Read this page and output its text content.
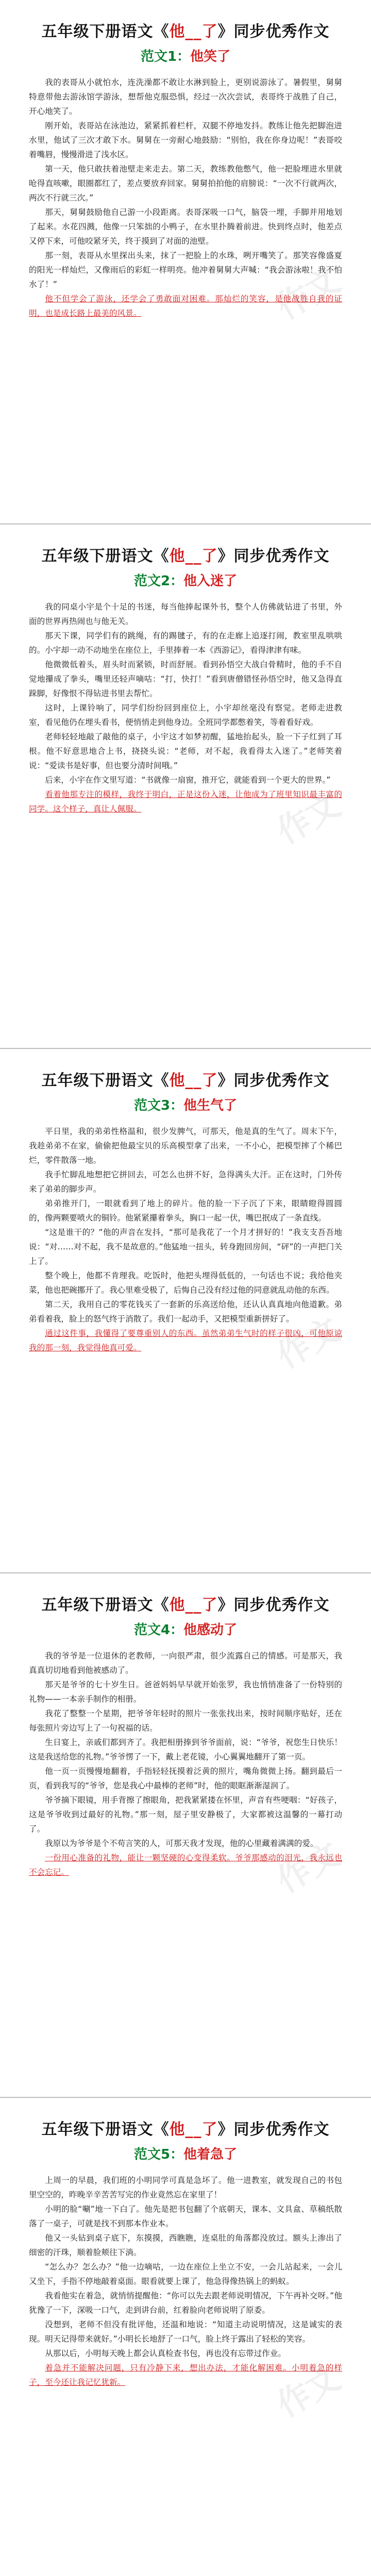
五年级下册语文《他__了》同步优秀作文
范文1：他笑了

我的表哥从小就怕水，连洗澡都不敢让水淋到脸上，更别说游泳了。暑假里，舅舅特意带他去游泳馆学游泳，想帮他克服恐惧，经过一次次尝试，表哥终于战胜了自己，开心地笑了。

刚开始，表哥站在泳池边，紧紧抓着栏杆，双腿不停地发抖。教练让他先把脚泡进水里，他试了三次才敢下水。舅舅在一旁耐心地鼓励：“别怕，我在你身边呢！”表哥咬着嘴唇，慢慢滑进了浅水区。

第一天，他只敢扶着池壁走来走去。第二天，教练教他憋气，他一把脸埋进水里就呛得直咳嗽，眼圈都红了，差点要放弃回家。舅舅拍拍他的肩膀说：“一次不行就两次，两次不行就三次。”

那天，舅舅鼓励他自己游一小段距离。表哥深吸一口气，脑袋一埋，手脚并用地划了起来。水花四溅，他像一只笨拙的小鸭子，在水里扑腾着前进。快到终点时，他差点又停下来，可他咬紧牙关，终于摸到了对面的池壁。

那一刻，表哥从水里探出头来，抹了一把脸上的水珠，咧开嘴笑了。那笑容像盛夏的阳光一样灿烂，又像雨后的彩虹一样明亮。他冲着舅舅大声喊：“我会游泳啦！我不怕水了！”

他不但学会了游泳，还学会了勇敢面对困难。那灿烂的笑容，是他战胜自我的证明，也是成长路上最美的风景。	作文
五年级下册语文《他__了》同步优秀作文
范文2：他入迷了

我的同桌小宇是个十足的书迷，每当他捧起课外书，整个人仿佛就钻进了书里，外面的世界再热闹也与他无关。

那天下课，同学们有的跳绳，有的踢毽子，有的在走廊上追逐打闹，教室里乱哄哄的。小宇却一动不动地坐在座位上，手里捧着一本《西游记》，看得津津有味。

他微微低着头，眉头时而紧锁，时而舒展。看到孙悟空大战白骨精时，他的手不自觉地攥成了拳头，嘴里还轻声嘀咕：“打，快打！”看到唐僧错怪孙悟空时，他又急得直跺脚，好像恨不得钻进书里去帮忙。

这时，上课铃响了，同学们纷纷回到座位上，小宇却丝毫没有察觉。老师走进教室，看见他仍在埋头看书，便悄悄走到他身边。全班同学都憋着笑，等着看好戏。

老师轻轻地敲了敲他的桌子，小宇这才如梦初醒，猛地抬起头，脸一下子红到了耳根。他不好意思地合上书，挠挠头说：“老师，对不起，我看得太入迷了。”老师笑着说：“爱读书是好事，但也要分清时间哦。”

后来，小宇在作文里写道：“书就像一扇窗，推开它，就能看到一个更大的世界。”

看着他那专注的模样，我终于明白，正是这份入迷，让他成为了班里知识最丰富的同学。这个样子，真让人佩服。	作文
五年级下册语文《他__了》同步优秀作文
范文3：他生气了

平日里，我的弟弟性格温和，很少发脾气，可那天，他是真的生气了。周末下午，我趁弟弟不在家，偷偷把他最宝贝的乐高模型拿了出来，一不小心，把模型摔了个稀巴烂，零件散落一地。

我手忙脚乱地想把它拼回去，可怎么也拼不好，急得满头大汗。正在这时，门外传来了弟弟的脚步声。

弟弟推开门，一眼就看到了地上的碎片。他的脸一下子沉了下来，眼睛瞪得圆圆的，像两颗要喷火的铜铃。他紧紧攥着拳头，胸口一起一伏，嘴巴抿成了一条直线。

“这是谁干的？”他的声音在发抖，“那可是我花了一个月才拼好的！”我支支吾吾地说：“对……对不起，我不是故意的。”他猛地一扭头，转身跑回房间，“砰”的一声把门关上了。

整个晚上，他都不肯理我。吃饭时，他把头埋得低低的，一句话也不说；我给他夹菜，他也把碗挪开了。我心里难受极了，后悔自己没有经过他的同意就乱动他的东西。

第二天，我用自己的零花钱买了一套新的乐高送给他，还认认真真地向他道歉。弟弟看着我，脸上的怒气终于消散了。我们一起动手，又把模型重新拼好了。

通过这件事，我懂得了要尊重别人的东西。虽然弟弟生气时的样子很凶，可他原谅我的那一刻，我觉得他真可爱。	作文
五年级下册语文《他__了》同步优秀作文
范文4：他感动了

我的爷爷是一位退休的老教师，一向很严肃，很少流露自己的情感。可是那天，我真真切切地看到他被感动了。

那天是爷爷的七十岁生日。爸爸妈妈早早就开始张罗，我也悄悄准备了一份特别的礼物——一本亲手制作的相册。

我花了整整一个星期，把爷爷年轻时的照片一张张找出来，按时间顺序贴好，还在每张照片旁边写上了一句祝福的话。

生日宴上，亲戚们都到齐了。我把相册捧到爷爷面前，说：“爷爷，祝您生日快乐！这是我送给您的礼物。”爷爷愣了一下，戴上老花镜，小心翼翼地翻开了第一页。

他一页一页慢慢地翻着，手指轻轻抚摸着泛黄的照片，嘴角微微上扬。翻到最后一页，看到我写的“爷爷，您是我心中最棒的老师”时，他的眼眶渐渐湿润了。

爷爷摘下眼镜，用手背擦了擦眼角，把我紧紧搂在怀里，声音有些哽咽：“好孩子，这是爷爷收到过最好的礼物。”那一刻，屋子里安静极了，大家都被这温馨的一幕打动了。

我原以为爷爷是个不苟言笑的人，可那天我才发现，他的心里藏着满满的爱。

一份用心准备的礼物，能让一颗坚硬的心变得柔软。爷爷那感动的泪光，我永远也不会忘记。	作文
五年级下册语文《他__了》同步优秀作文
范文5：他着急了

上周一的早晨，我们班的小明同学可真是急坏了。他一进教室，就发现自己的书包里空空的，昨晚辛辛苦苦写完的作业竟然忘在家里了！

小明的脸“唰”地一下白了。他先是把书包翻了个底朝天，课本、文具盒、草稿纸散落了一桌子，可就是找不到那本作业本。

他又一头钻到桌子底下，东摸摸，西瞧瞧，连桌肚的角落都没放过。额头上渗出了细密的汗珠，顺着脸颊往下淌。

“怎么办？怎么办？”他一边嘀咕，一边在座位上坐立不安，一会儿站起来，一会儿又坐下，手指不停地敲着桌面。眼看就要上课了，他急得像热锅上的蚂蚁。

我看他实在着急，就悄悄提醒他：“你可以先去跟老师说明情况，下午再补交呀。”他犹豫了一下，深吸一口气，走到讲台前，红着脸向老师说明了原委。

没想到，老师不但没有批评他，还温和地说：“知道主动说明情况，这是诚实的表现。明天记得带来就好。”小明长长地舒了一口气，脸上终于露出了轻松的笑容。

从那以后，小明每天晚上都会认真检查书包，再也没有忘带过作业。

着急并不能解决问题，只有冷静下来，想出办法，才能化解困难。小明着急的样子，至今还让我记忆犹新。	作文
